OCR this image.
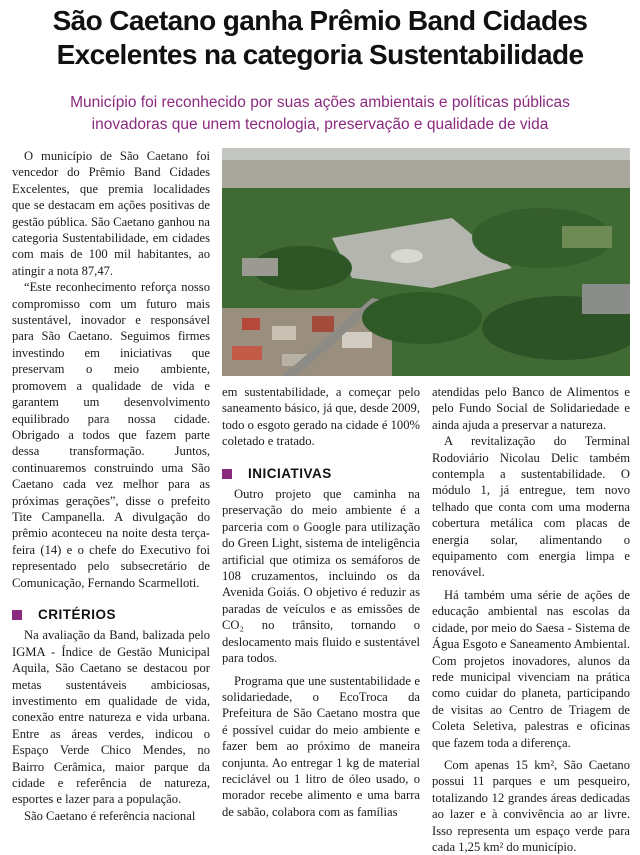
São Caetano ganha Prêmio Band Cidades
Excelentes na categoria Sustentabilidade
Município foi reconhecido por suas ações ambientais e políticas públicas
inovadoras que unem tecnologia, preservação e qualidade de vida

O município de São Caetano foi vencedor do Prêmio Band Cidades Excelentes, que premia localidades que se destacam em ações positivas de gestão pública. São Caetano ganhou na categoria Sustentabilidade, em cidades com mais de 100 mil habitantes, ao atingir a nota 87,47.

“Este reconhecimento reforça nosso compromisso com um futuro mais sustentável, inovador e responsável para São Caetano. Seguimos firmes investindo em iniciativas que preservam o meio ambiente, promovem a qualidade de vida e garantem um desenvolvimento equilibrado para nossa cidade. Obrigado a todos que fazem parte dessa transformação. Juntos, continuaremos construindo uma São Caetano cada vez melhor para as próximas gerações”, disse o prefeito Tite Campanella. A divulgação do prêmio aconteceu na noite desta terça-feira (14) e o chefe do Executivo foi representado pelo subsecretário de Comunicação, Fernando Scarmelloti.

CRITÉRIOS

Na avaliação da Band, balizada pelo IGMA - Índice de Gestão Municipal Aquila, São Caetano se destacou por metas sustentáveis ambiciosas, investimento em qualidade de vida, conexão entre natureza e vida urbana. Entre as áreas verdes, indicou o Espaço Verde Chico Mendes, no Bairro Cerâmica, maior parque da cidade e referência de natureza, esportes e lazer para a população.

São Caetano é referência nacional

em sustentabilidade, a começar pelo saneamento básico, já que, desde 2009, todo o esgoto gerado na cidade é 100% coletado e tratado.

INICIATIVAS

Outro projeto que caminha na preservação do meio ambiente é a parceria com o Google para utilização do Green Light, sistema de inteligência artificial que otimiza os semáforos de 108 cruzamentos, incluindo os da Avenida Goiás. O objetivo é reduzir as paradas de veículos e as emissões de CO₂ no trânsito, tornando o deslocamento mais fluido e sustentável para todos.

Programa que une sustentabilidade e solidariedade, o EcoTroca da Prefeitura de São Caetano mostra que é possível cuidar do meio ambiente e fazer bem ao próximo de maneira conjunta. Ao entregar 1 kg de material reciclável ou 1 litro de óleo usado, o morador recebe alimento e uma barra de sabão, colabora com as famílias

atendidas pelo Banco de Alimentos e pelo Fundo Social de Solidariedade e ainda ajuda a preservar a natureza.

A revitalização do Terminal Rodoviário Nicolau Delic também contempla a sustentabilidade. O módulo 1, já entregue, tem novo telhado que conta com uma moderna cobertura metálica com placas de energia solar, alimentando o equipamento com energia limpa e renovável.

Há também uma série de ações de educação ambiental nas escolas da cidade, por meio do Saesa - Sistema de Água Esgoto e Saneamento Ambiental. Com projetos inovadores, alunos da rede municipal vivenciam na prática como cuidar do planeta, participando de visitas ao Centro de Triagem de Coleta Seletiva, palestras e oficinas que fazem toda a diferença.

Com apenas 15 km², São Caetano possui 11 parques e um pesqueiro, totalizando 12 grandes áreas dedicadas ao lazer e à convivência ao ar livre. Isso representa um espaço verde para cada 1,25 km² do município.
